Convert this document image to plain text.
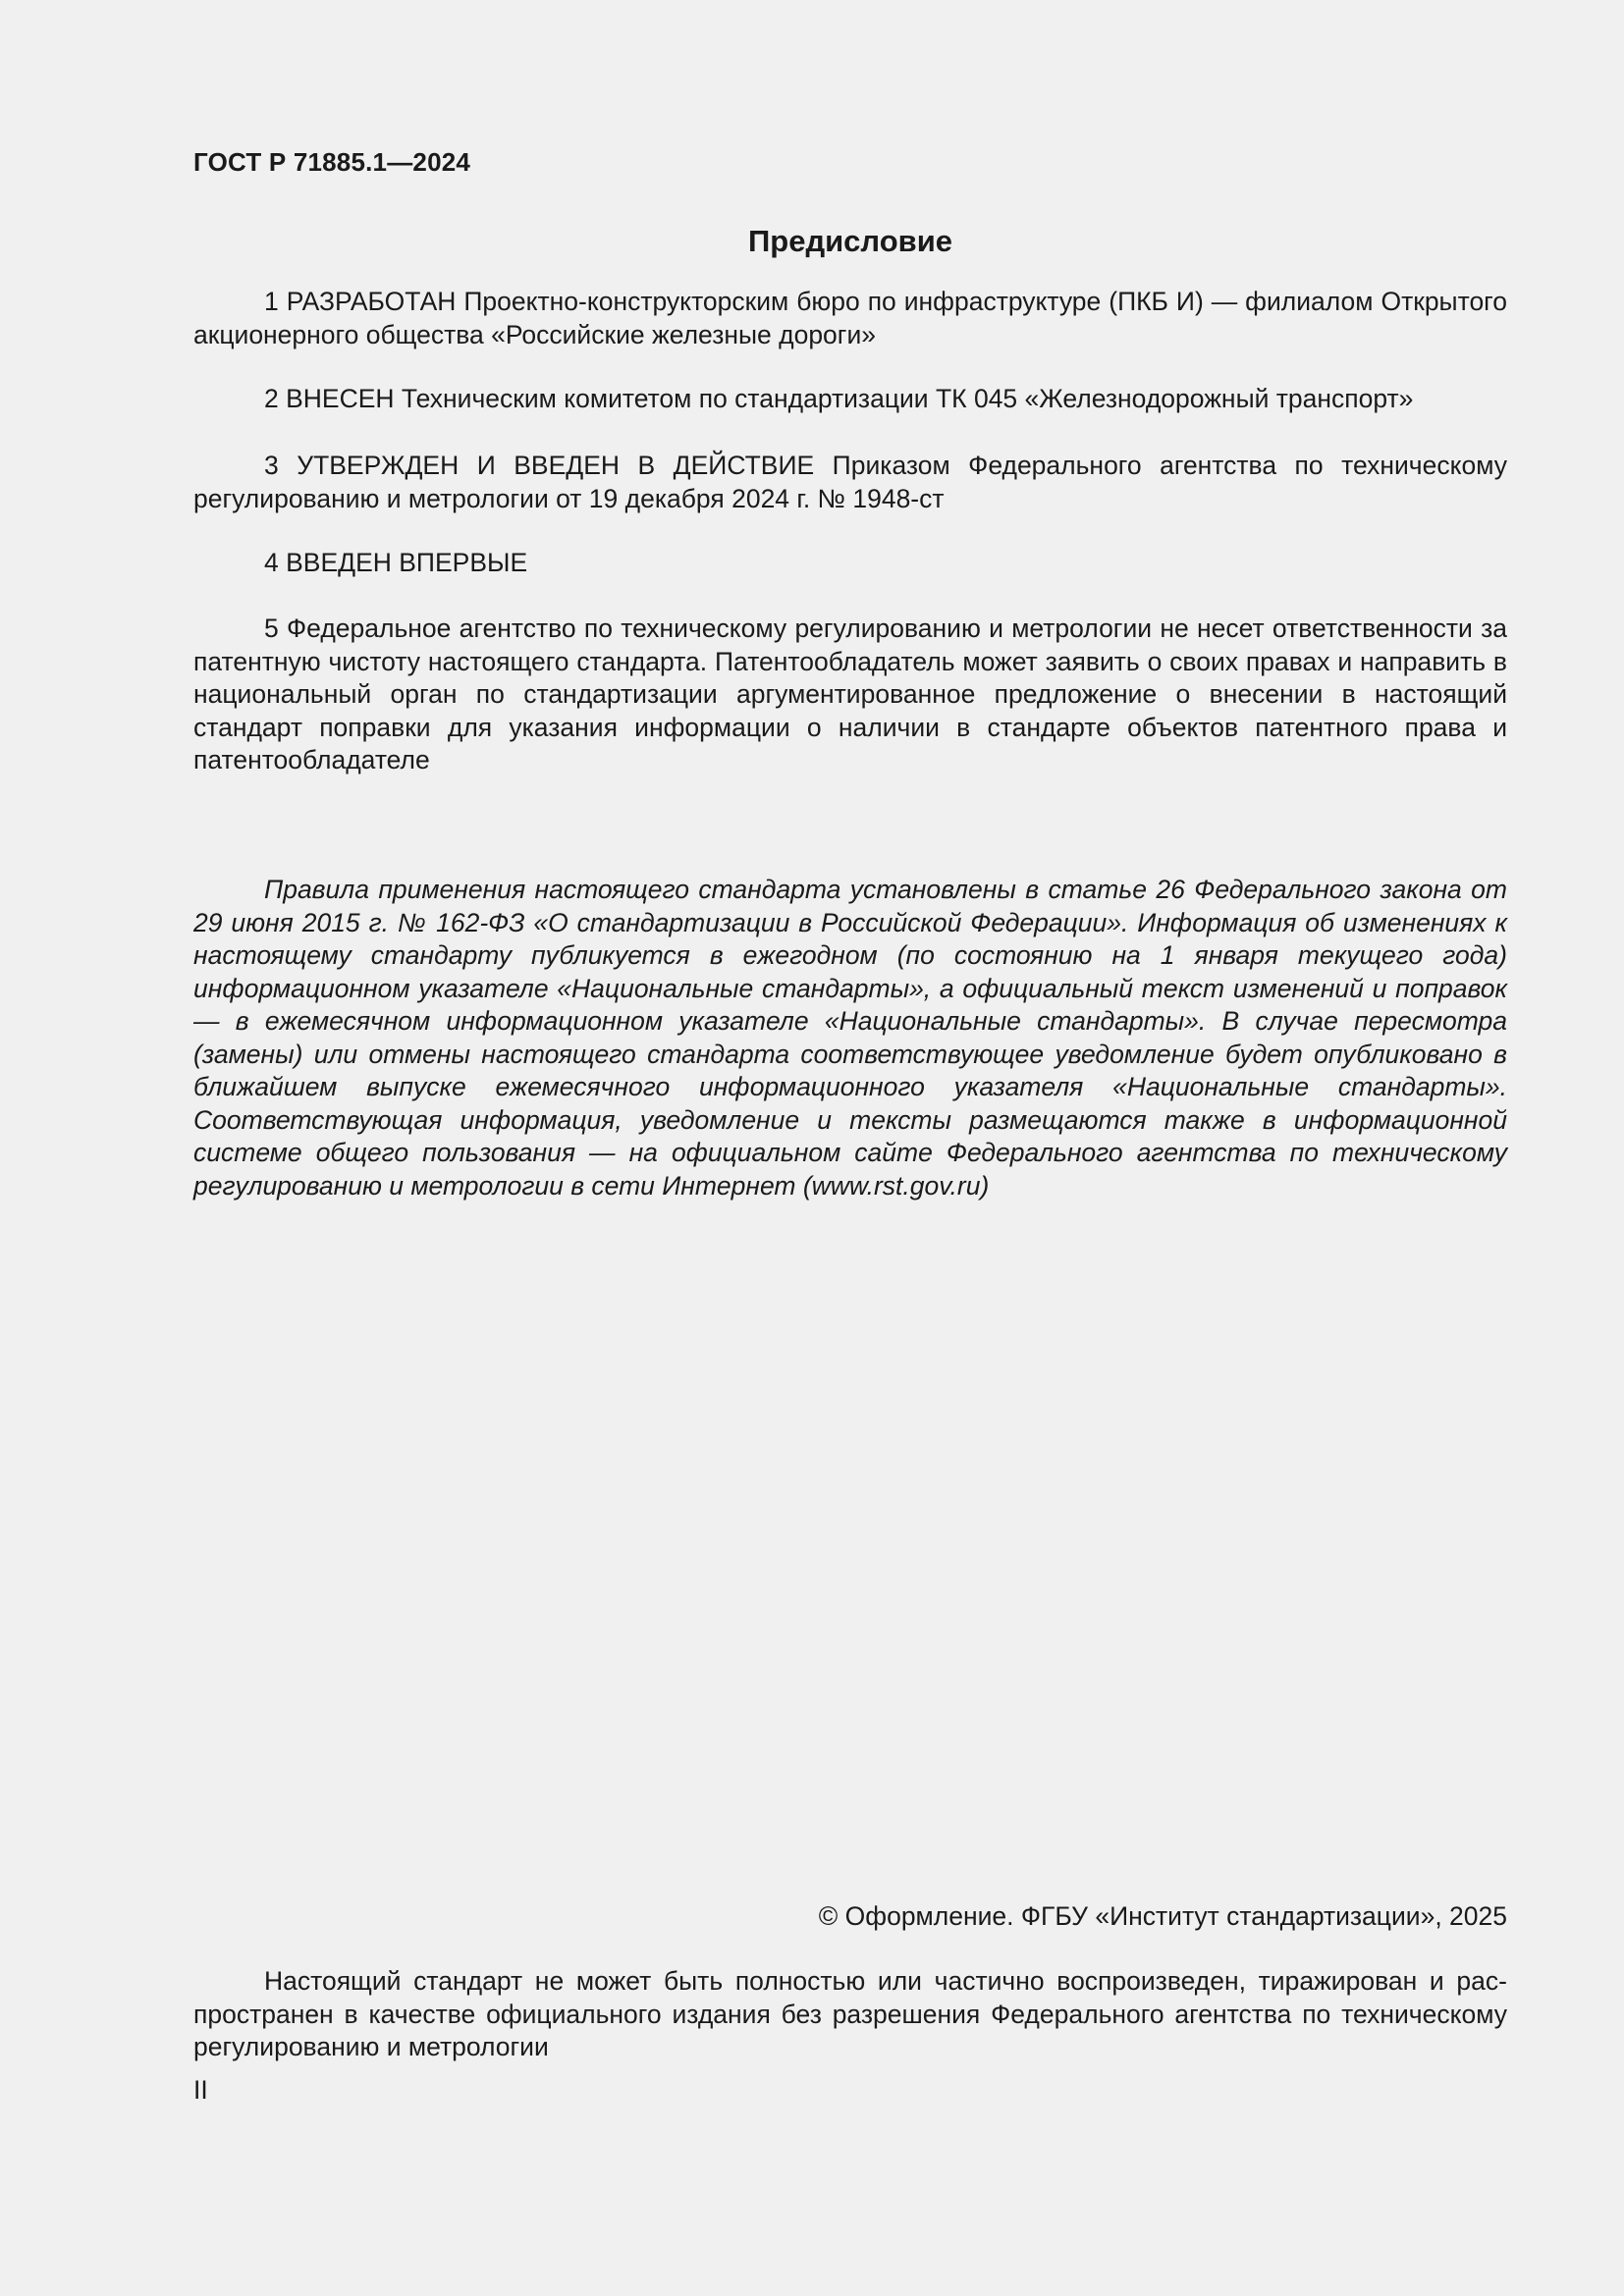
ГОСТ Р 71885.1—2024
Предисловие

1 РАЗРАБОТАН Проектно-конструкторским бюро по инфраструктуре (ПКБ И) — филиалом Открытого акционерного общества «Российские железные дороги»

2 ВНЕСЕН Техническим комитетом по стандартизации ТК 045 «Железнодорожный транспорт»

3 УТВЕРЖДЕН И ВВЕДЕН В ДЕЙСТВИЕ Приказом Федерального агентства по техническому регулированию и метрологии от 19 декабря 2024 г. № 1948-ст

4 ВВЕДЕН ВПЕРВЫЕ

5 Федеральное агентство по техническому регулированию и метрологии не несет ответственности за патентную чистоту настоящего стандарта. Патентообладатель может заявить о своих правах и направить в национальный орган по стандартизации аргументированное предложение о внесении в настоящий стандарт поправки для указания информации о наличии в стандарте объектов патентного права и патентообладателе

Правила применения настоящего стандарта установлены в статье 26 Федерального закона от 29 июня 2015 г. № 162-ФЗ «О стандартизации в Российской Федерации». Информация об изменениях к настоящему стандарту публикуется в ежегодном (по состоянию на 1 января текущего года) информационном указателе «Национальные стандарты», а официальный текст изменений и поправок — в ежемесячном информационном указателе «Национальные стандарты». В случае пересмотра (замены) или отмены настоящего стандарта соответствующее уведомление будет опубликовано в ближайшем выпуске ежемесячного информационного указателя «Национальные стандарты». Соответствующая информация, уведомление и тексты размещаются также в информационной системе общего пользования — на официальном сайте Федерального агентства по техническому регулированию и метрологии в сети Интернет (www.rst.gov.ru)

© Оформление. ФГБУ «Институт стандартизации», 2025

Настоящий стандарт не может быть полностью или частично воспроизведен, тиражирован и распространен в качестве официального издания без разрешения Федерального агентства по техническому регулированию и метрологии

II
